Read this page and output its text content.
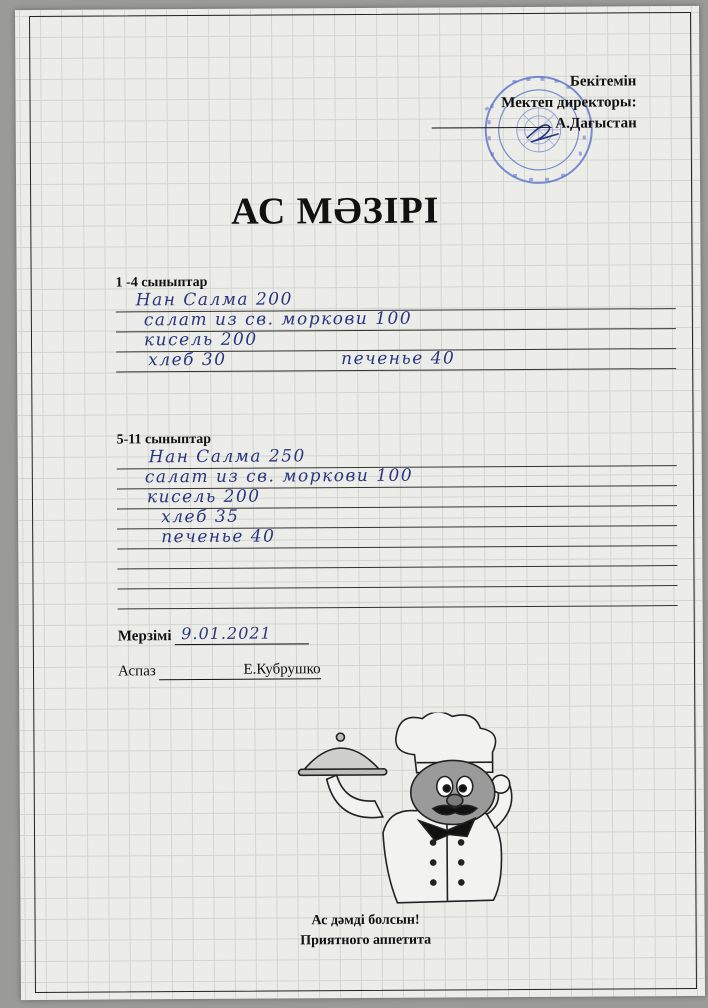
Бекітемін
Мектеп директоры:
А.Дағыстан
АС МӘЗІРІ
1 -4 сыныптар
Нан Салма 200
салат из св. моркови 100
кисель 200
хлеб 30	печенье 40
5-11 сыныптар
Нан Салма 250
салат из св. моркови 100
кисель 200
хлеб 35
печенье 40
Мерзімі 9.01.2021
Аспаз	Е.Кубрушко
Ас дәмді болсын!
Приятного аппетита
